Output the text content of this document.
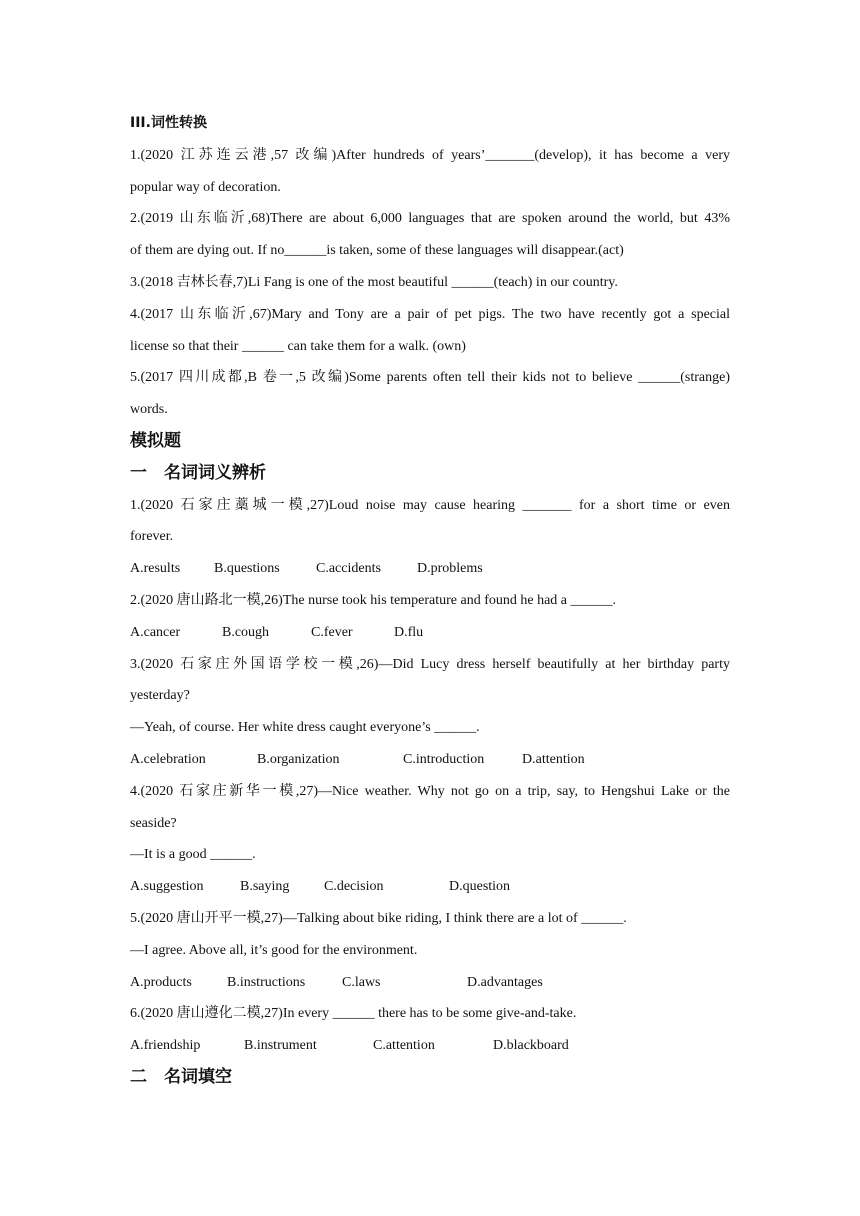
III.词性转换
1.(2020 江苏连云港,57 改编)After hundreds of years’_______(develop), it has become a very
popular way of decoration.
2.(2019 山东临沂,68)There are about 6,000 languages that are spoken around the world, but 43%
of them are dying out. If no______is taken, some of these languages will disappear.(act)
3.(2018 吉林长春,7)Li Fang is one of the most beautiful ______(teach) in our country.
4.(2017 山东临沂,67)Mary and Tony are a pair of pet pigs. The two have recently got a special
license so that their ______ can take them for a walk. (own)
5.(2017 四川成都,B 卷一,5 改编)Some parents often tell their kids not to believe ______(strange)
words.
模拟题
一　名词词义辨析
1.(2020 石家庄藁城一模,27)Loud noise may cause hearing _______ for a short time or even
forever.
A.results	B.questions	C.accidents	D.problems
2.(2020 唐山路北一模,26)The nurse took his temperature and found he had a ______.
A.cancer	B.cough	C.fever	D.flu
3.(2020 石家庄外国语学校一模,26)—Did Lucy dress herself beautifully at her birthday party
yesterday?
—Yeah, of course. Her white dress caught everyone’s ______.
A.celebration	B.organization	C.introduction	D.attention
4.(2020 石家庄新华一模,27)—Nice weather. Why not go on a trip, say, to Hengshui Lake or the
seaside?
—It is a good ______.
A.suggestion	B.saying	C.decision	D.question
5.(2020 唐山开平一模,27)—Talking about bike riding, I think there are a lot of ______.
—I agree. Above all, it’s good for the environment.
A.products	B.instructions	C.laws	D.advantages
6.(2020 唐山遵化二模,27)In every ______ there has to be some give-and-take.
A.friendship	B.instrument	C.attention	D.blackboard
二　名词填空
